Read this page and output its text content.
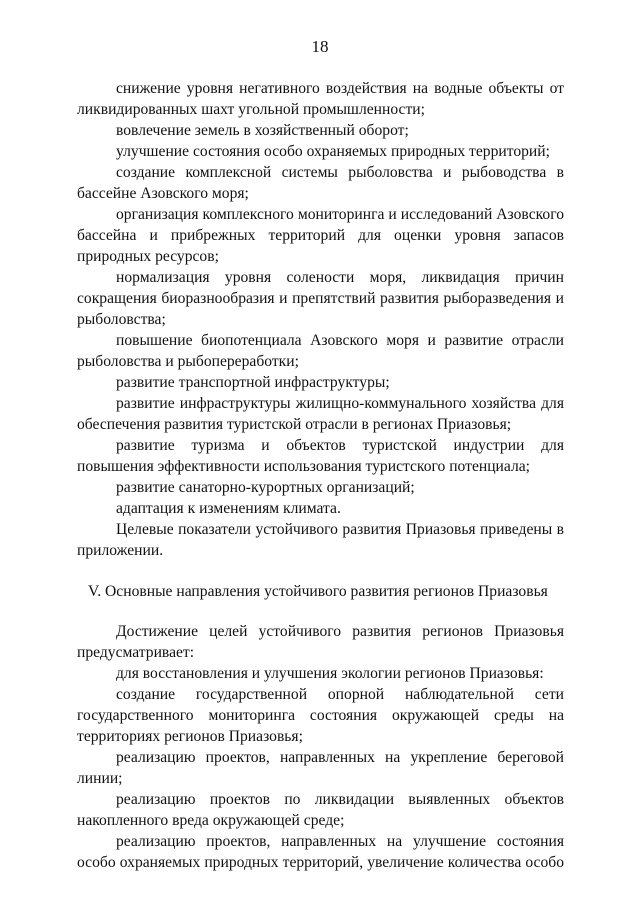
18

снижение уровня негативного воздействия на водные объекты от ликвидированных шахт угольной промышленности;

вовлечение земель в хозяйственный оборот;

улучшение состояния особо охраняемых природных территорий;

создание комплексной системы рыболовства и рыбоводства в бассейне Азовского моря;

организация комплексного мониторинга и исследований Азовского бассейна и прибрежных территорий для оценки уровня запасов природных ресурсов;

нормализация уровня солености моря, ликвидация причин сокращения биоразнообразия и препятствий развития рыборазведения и рыболовства;

повышение биопотенциала Азовского моря и развитие отрасли рыболовства и рыбопереработки;

развитие транспортной инфраструктуры;

развитие инфраструктуры жилищно-коммунального хозяйства для обеспечения развития туристской отрасли в регионах Приазовья;

развитие туризма и объектов туристской индустрии для повышения эффективности использования туристского потенциала;

развитие санаторно-курортных организаций;

адаптация к изменениям климата.

Целевые показатели устойчивого развития Приазовья приведены в приложении.

V. Основные направления устойчивого развития регионов Приазовья

Достижение целей устойчивого развития регионов Приазовья предусматривает:

для восстановления и улучшения экологии регионов Приазовья:

создание государственной опорной наблюдательной сети государственного мониторинга состояния окружающей среды на территориях регионов Приазовья;

реализацию проектов, направленных на укрепление береговой линии;

реализацию проектов по ликвидации выявленных объектов накопленного вреда окружающей среде;

реализацию проектов, направленных на улучшение состояния особо охраняемых природных территорий, увеличение количества особо
